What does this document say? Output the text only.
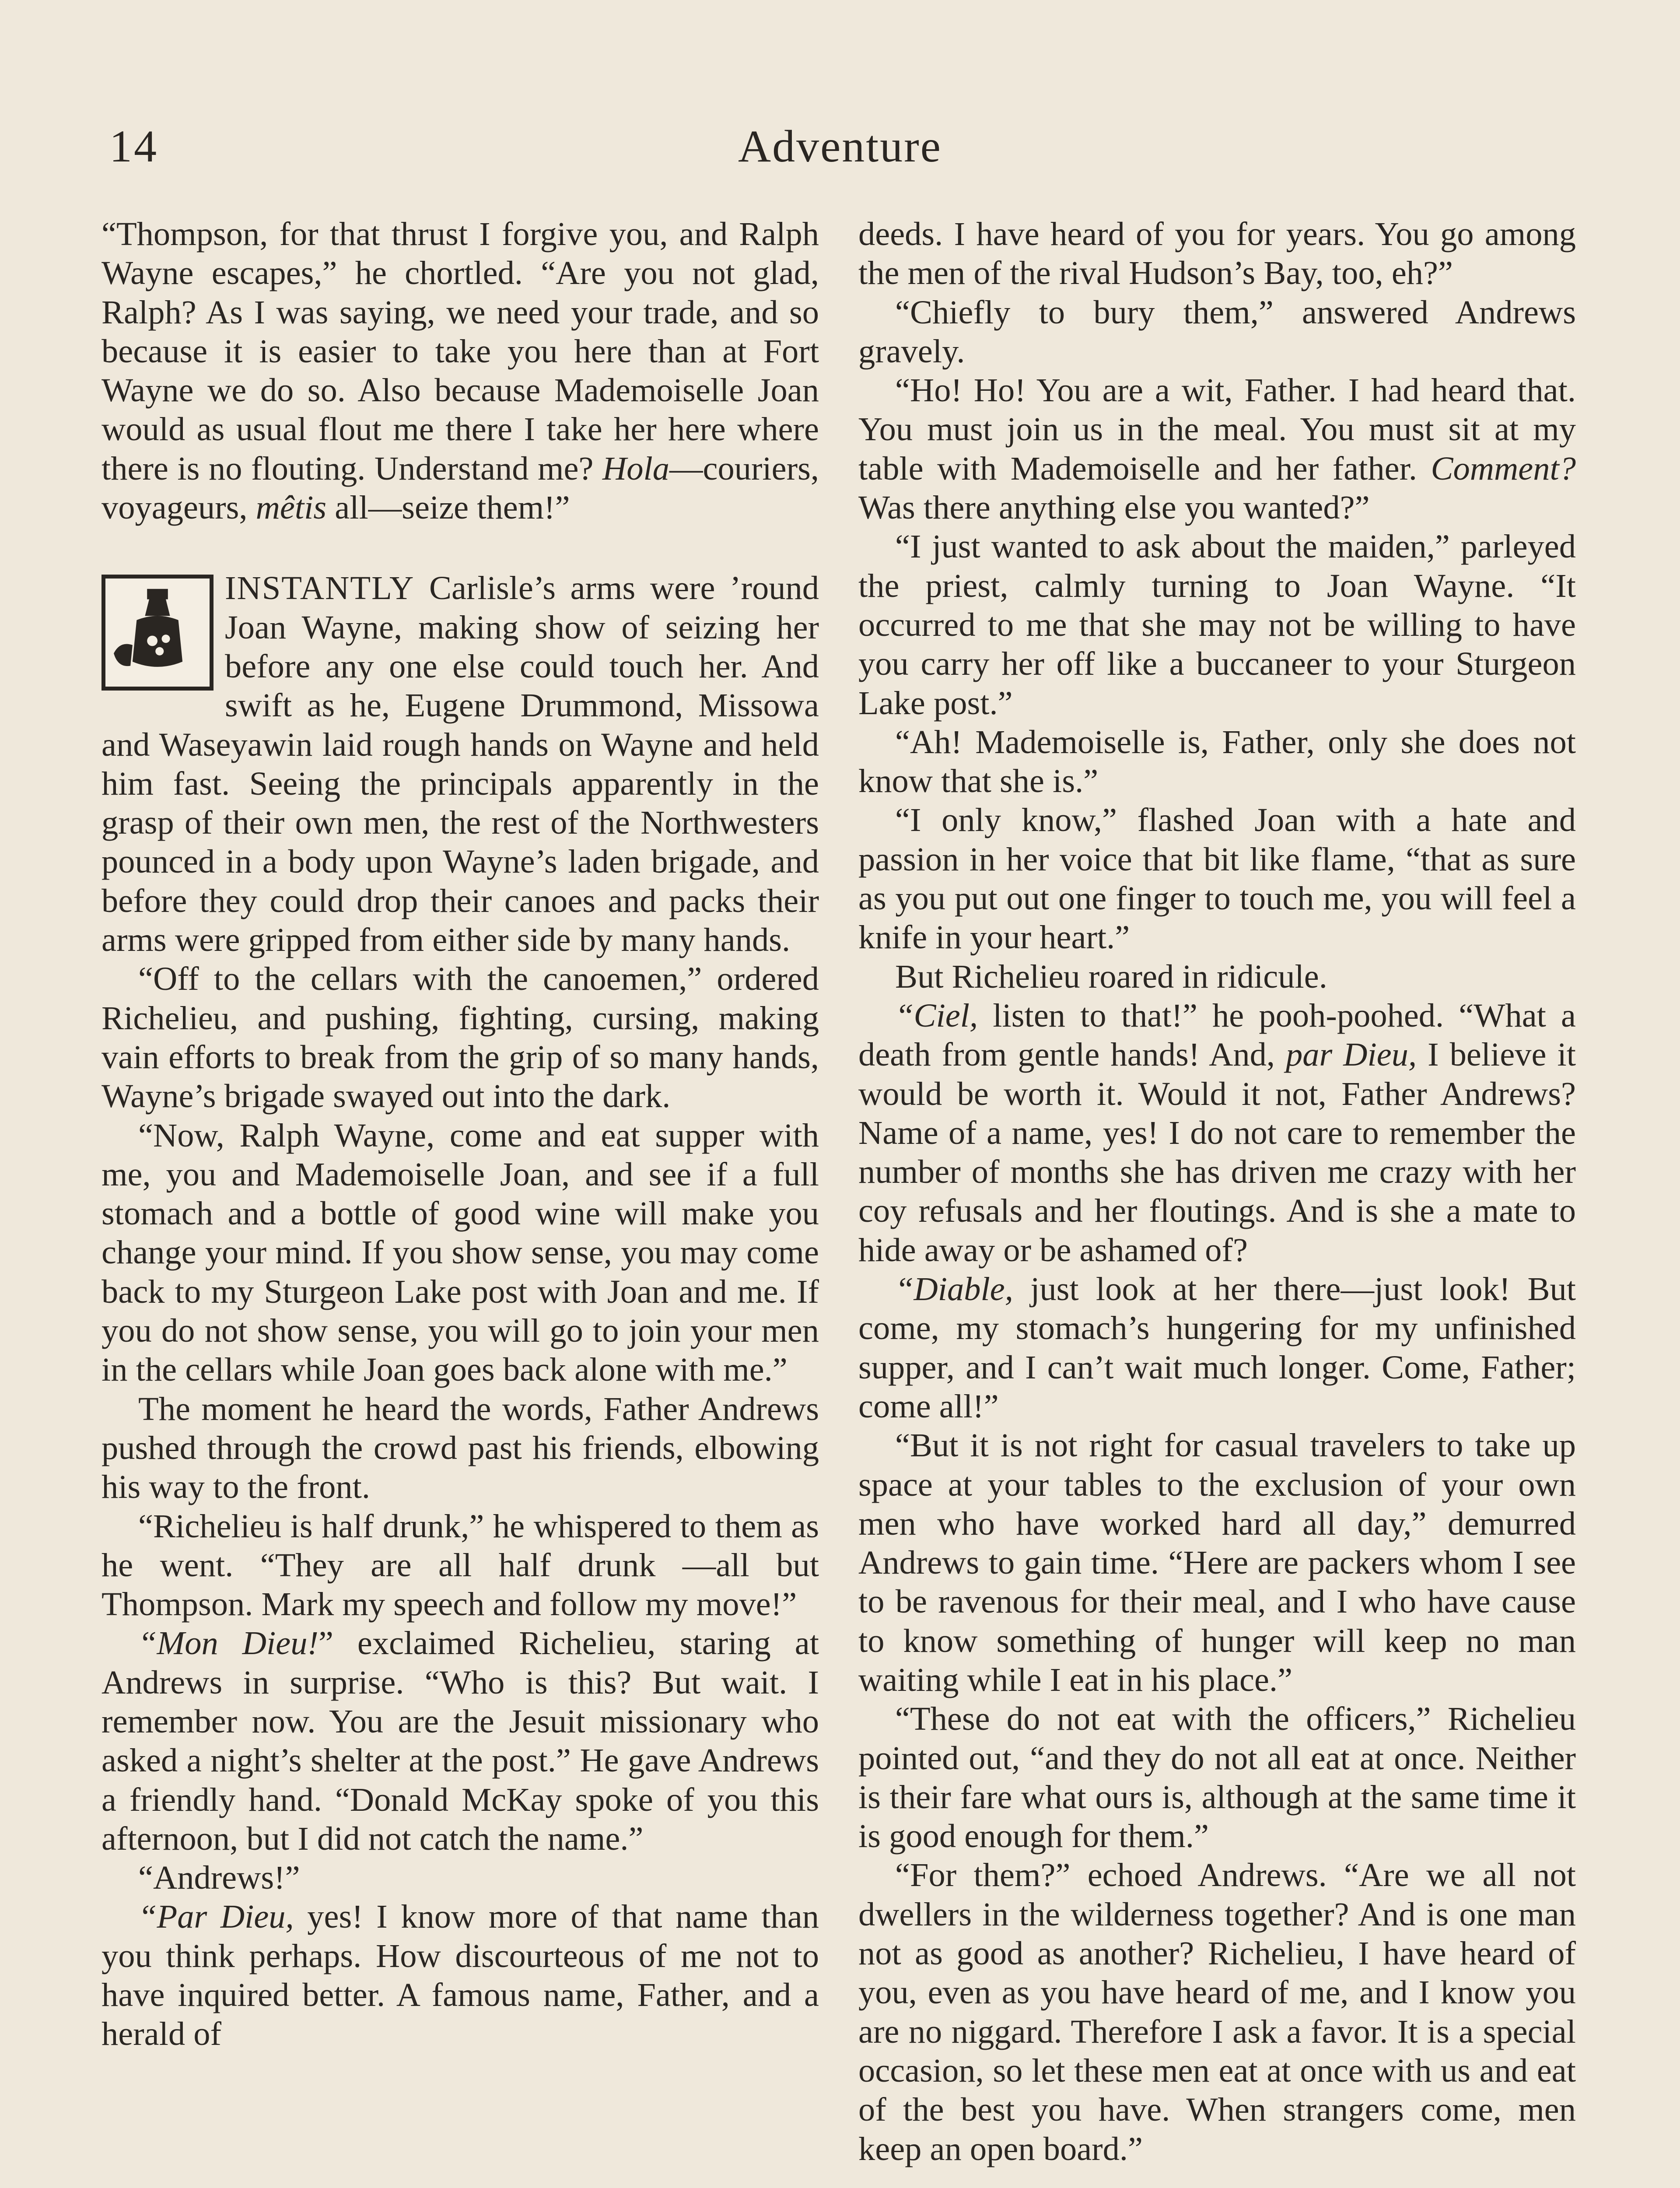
14	Adventure

“Thompson, for that thrust I forgive you, and Ralph Wayne escapes,” he chortled. “Are you not glad, Ralph? As I was saying, we need your trade, and so because it is easier to take you here than at Fort Wayne we do so. Also because Mademoiselle Joan would as usual flout me there I take her here where there is no flouting. Understand me? Hola—couriers, voyageurs, mêtis all—seize them!”

INSTANTLY Carlisle’s arms were ’round Joan Wayne, making show of seizing her before any one else could touch her. And swift as he, Eugene Drummond, Missowa and Waseyawin laid rough hands on Wayne and held him fast. Seeing the principals apparently in the grasp of their own men, the rest of the Northwesters pounced in a body upon Wayne’s laden brigade, and before they could drop their canoes and packs their arms were gripped from either side by many hands.

“Off to the cellars with the canoemen,” ordered Richelieu, and pushing, fighting, cursing, making vain efforts to break from the grip of so many hands, Wayne’s brigade swayed out into the dark.

“Now, Ralph Wayne, come and eat supper with me, you and Mademoiselle Joan, and see if a full stomach and a bottle of good wine will make you change your mind. If you show sense, you may come back to my Sturgeon Lake post with Joan and me. If you do not show sense, you will go to join your men in the cellars while Joan goes back alone with me.”

The moment he heard the words, Father Andrews pushed through the crowd past his friends, elbowing his way to the front.

“Richelieu is half drunk,” he whispered to them as he went. “They are all half drunk —all but Thompson. Mark my speech and follow my move!”

“Mon Dieu!” exclaimed Richelieu, staring at Andrews in surprise. “Who is this? But wait. I remember now. You are the Jesuit missionary who asked a night’s shelter at the post.” He gave Andrews a friendly hand. “Donald McKay spoke of you this afternoon, but I did not catch the name.”

“Andrews!”

“Par Dieu, yes! I know more of that name than you think perhaps. How discourteous of me not to have inquired better. A famous name, Father, and a herald of

deeds. I have heard of you for years. You go among the men of the rival Hudson’s Bay, too, eh?”

“Chiefly to bury them,” answered Andrews gravely.

“Ho! Ho! You are a wit, Father. I had heard that. You must join us in the meal. You must sit at my table with Mademoiselle and her father. Comment? Was there anything else you wanted?”

“I just wanted to ask about the maiden,” parleyed the priest, calmly turning to Joan Wayne. “It occurred to me that she may not be willing to have you carry her off like a buccaneer to your Sturgeon Lake post.”

“Ah! Mademoiselle is, Father, only she does not know that she is.”

“I only know,” flashed Joan with a hate and passion in her voice that bit like flame, “that as sure as you put out one finger to touch me, you will feel a knife in your heart.”

But Richelieu roared in ridicule.

“Ciel, listen to that!” he pooh-poohed. “What a death from gentle hands! And, par Dieu, I believe it would be worth it. Would it not, Father Andrews? Name of a name, yes! I do not care to remember the number of months she has driven me crazy with her coy refusals and her floutings. And is she a mate to hide away or be ashamed of?

“Diable, just look at her there—just look! But come, my stomach’s hungering for my unfinished supper, and I can’t wait much longer. Come, Father; come all!”

“But it is not right for casual travelers to take up space at your tables to the exclusion of your own men who have worked hard all day,” demurred Andrews to gain time. “Here are packers whom I see to be ravenous for their meal, and I who have cause to know something of hunger will keep no man waiting while I eat in his place.”

“These do not eat with the officers,” Richelieu pointed out, “and they do not all eat at once. Neither is their fare what ours is, although at the same time it is good enough for them.”

“For them?” echoed Andrews. “Are we all not dwellers in the wilderness together? And is one man not as good as another? Richelieu, I have heard of you, even as you have heard of me, and I know you are no niggard. Therefore I ask a favor. It is a special occasion, so let these men eat at once with us and eat of the best you have. When strangers come, men keep an open board.”
